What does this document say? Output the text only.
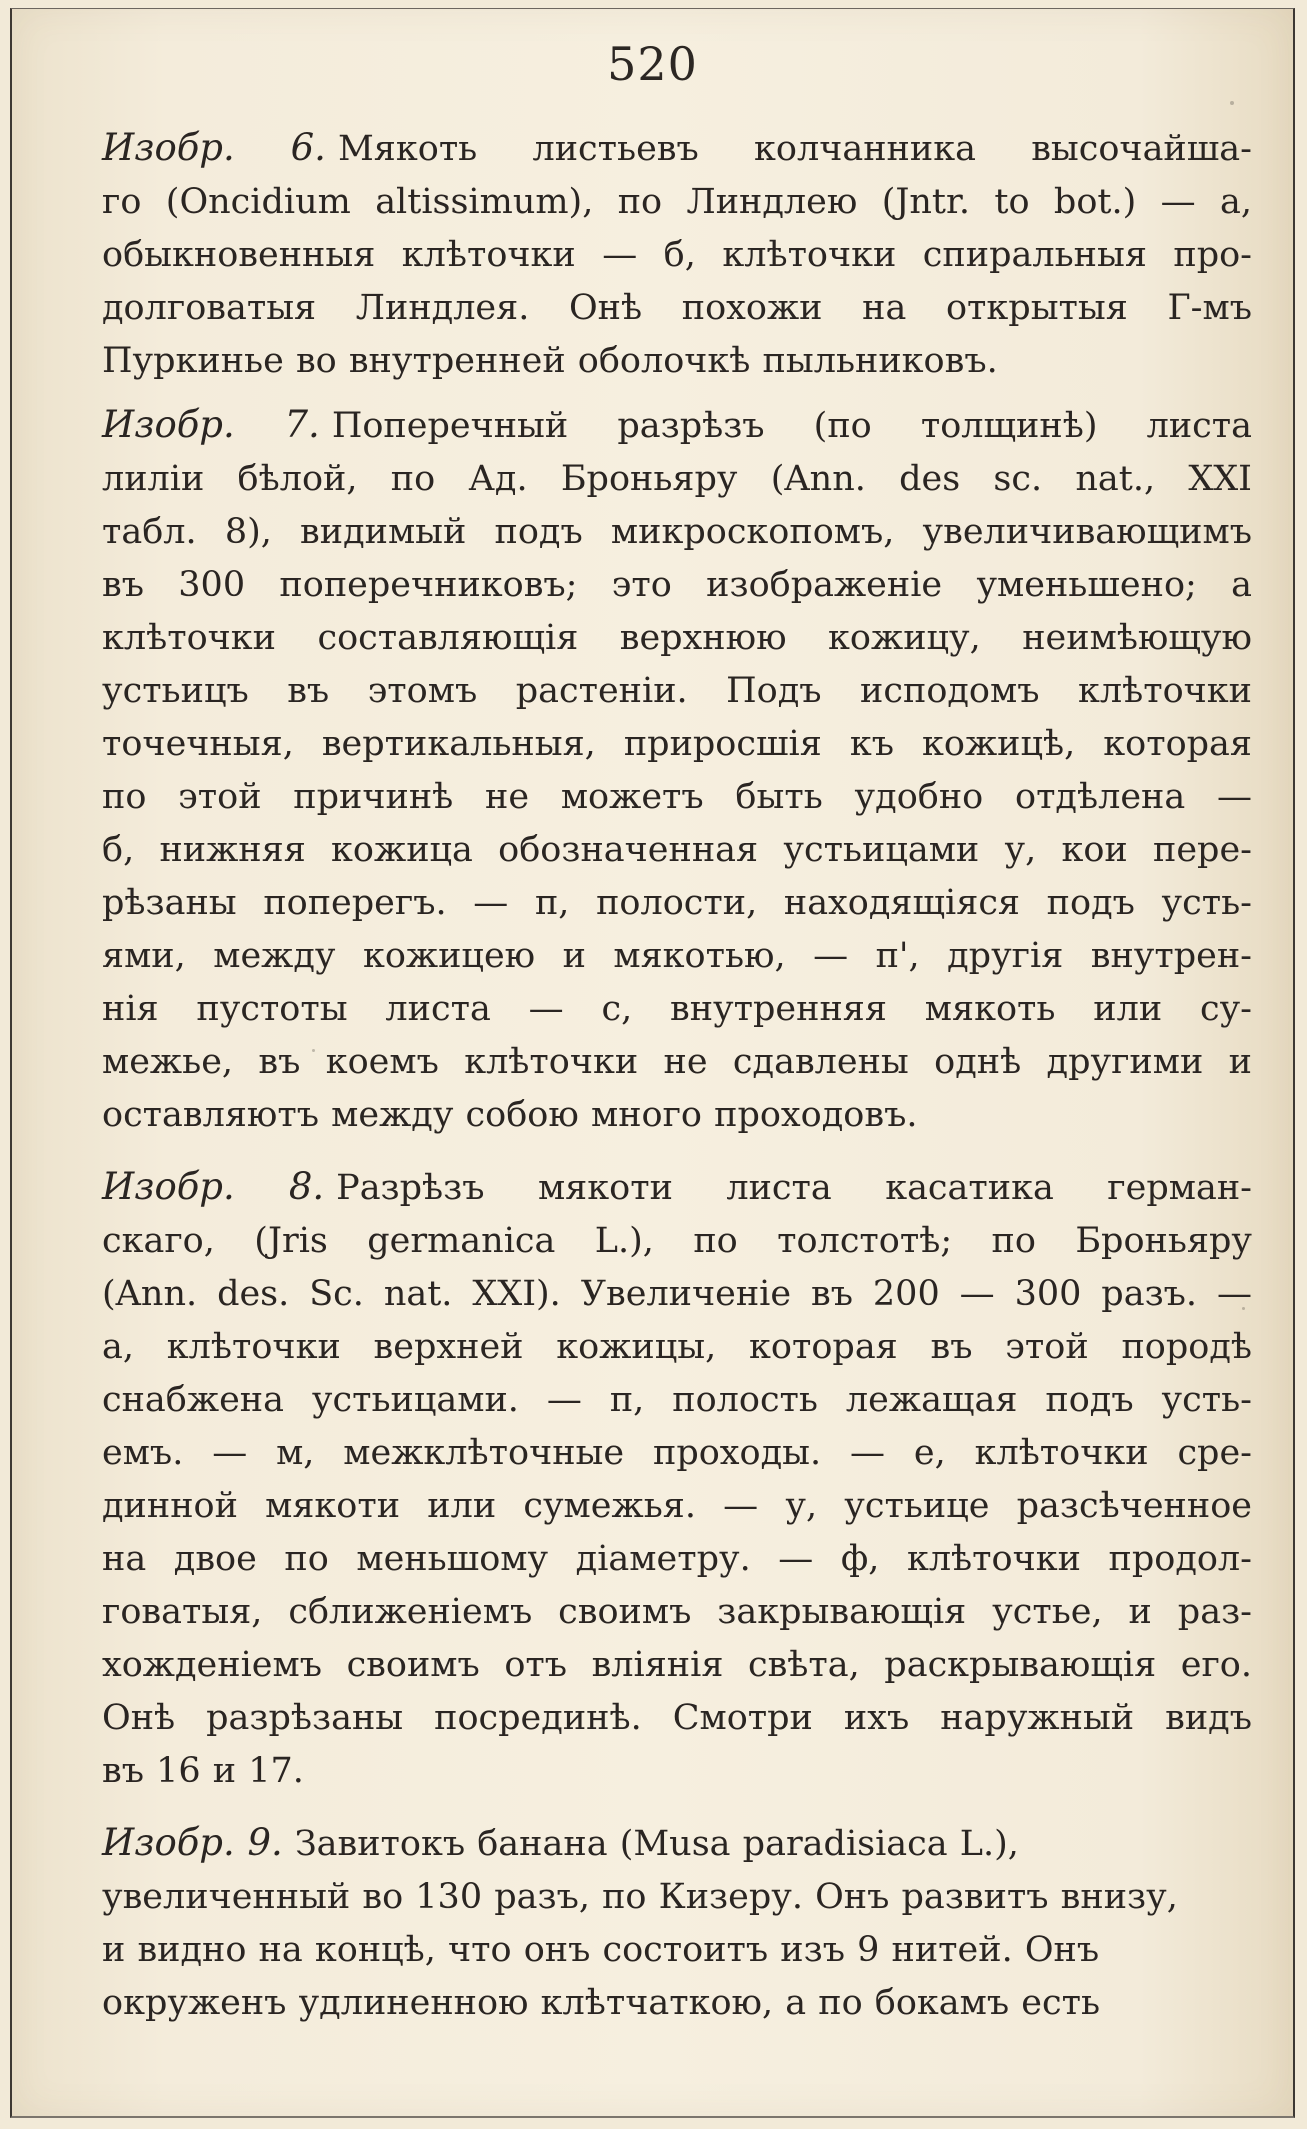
520
Изобр. 6. Мякоть листьевъ колчанника высочайша-
го (Oncidium altissimum), по Линдлею (Jntr. to bot.) — а,
обыкновенныя клѣточки — б, клѣточки спиральныя про-
долговатыя Линдлея. Онѣ похожи на открытыя Г-мъ
Пуркинье во внутренней оболочкѣ пыльниковъ.
Изобр. 7. Поперечный разрѣзъ (по толщинѣ) листа
лиліи бѣлой, по Ад. Броньяру (Ann. des sc. nat., XXI
табл. 8), видимый подъ микроскопомъ, увеличивающимъ
въ 300 поперечниковъ; это изображеніе уменьшено; а
клѣточки составляющія верхнюю кожицу, неимѣющую
устьицъ въ этомъ растеніи. Подъ исподомъ клѣточки
точечныя, вертикальныя, приросшія къ кожицѣ, которая
по этой причинѣ не можетъ быть удобно отдѣлена —
б, нижняя кожица обозначенная устьицами у, кои пере-
рѣзаны поперегъ. — п, полости, находящіяся подъ усть-
ями, между кожицею и мякотью, — п', другія внутрен-
нія пустоты листа — с, внутренняя мякоть или су-
межье, въ коемъ клѣточки не сдавлены однѣ другими и
оставляютъ между собою много проходовъ.
Изобр. 8. Разрѣзъ мякоти листа касатика герман-
скаго, (Jris germanica L.), по толстотѣ; по Броньяру
(Ann. des. Sc. nat. XXI). Увеличеніе въ 200 — 300 разъ. —
а, клѣточки верхней кожицы, которая въ этой породѣ
снабжена устьицами. — п, полость лежащая подъ усть-
емъ. — м, межклѣточные проходы. — е, клѣточки сре-
динной мякоти или сумежья. — у, устьице разсѣченное
на двое по меньшому діаметру. — ф, клѣточки продол-
говатыя, сближеніемъ своимъ закрывающія устье, и раз-
хожденіемъ своимъ отъ вліянія свѣта, раскрывающія его.
Онѣ разрѣзаны посрединѣ. Смотри ихъ наружный видъ
въ 16 и 17.
Изобр. 9. Завитокъ банана (Musa paradisiaca L.),
увеличенный во 130 разъ, по Кизеру. Онъ развитъ внизу,
и видно на концѣ, что онъ состоитъ изъ 9 нитей. Онъ
окруженъ удлиненною клѣтчаткою, а по бокамъ есть
